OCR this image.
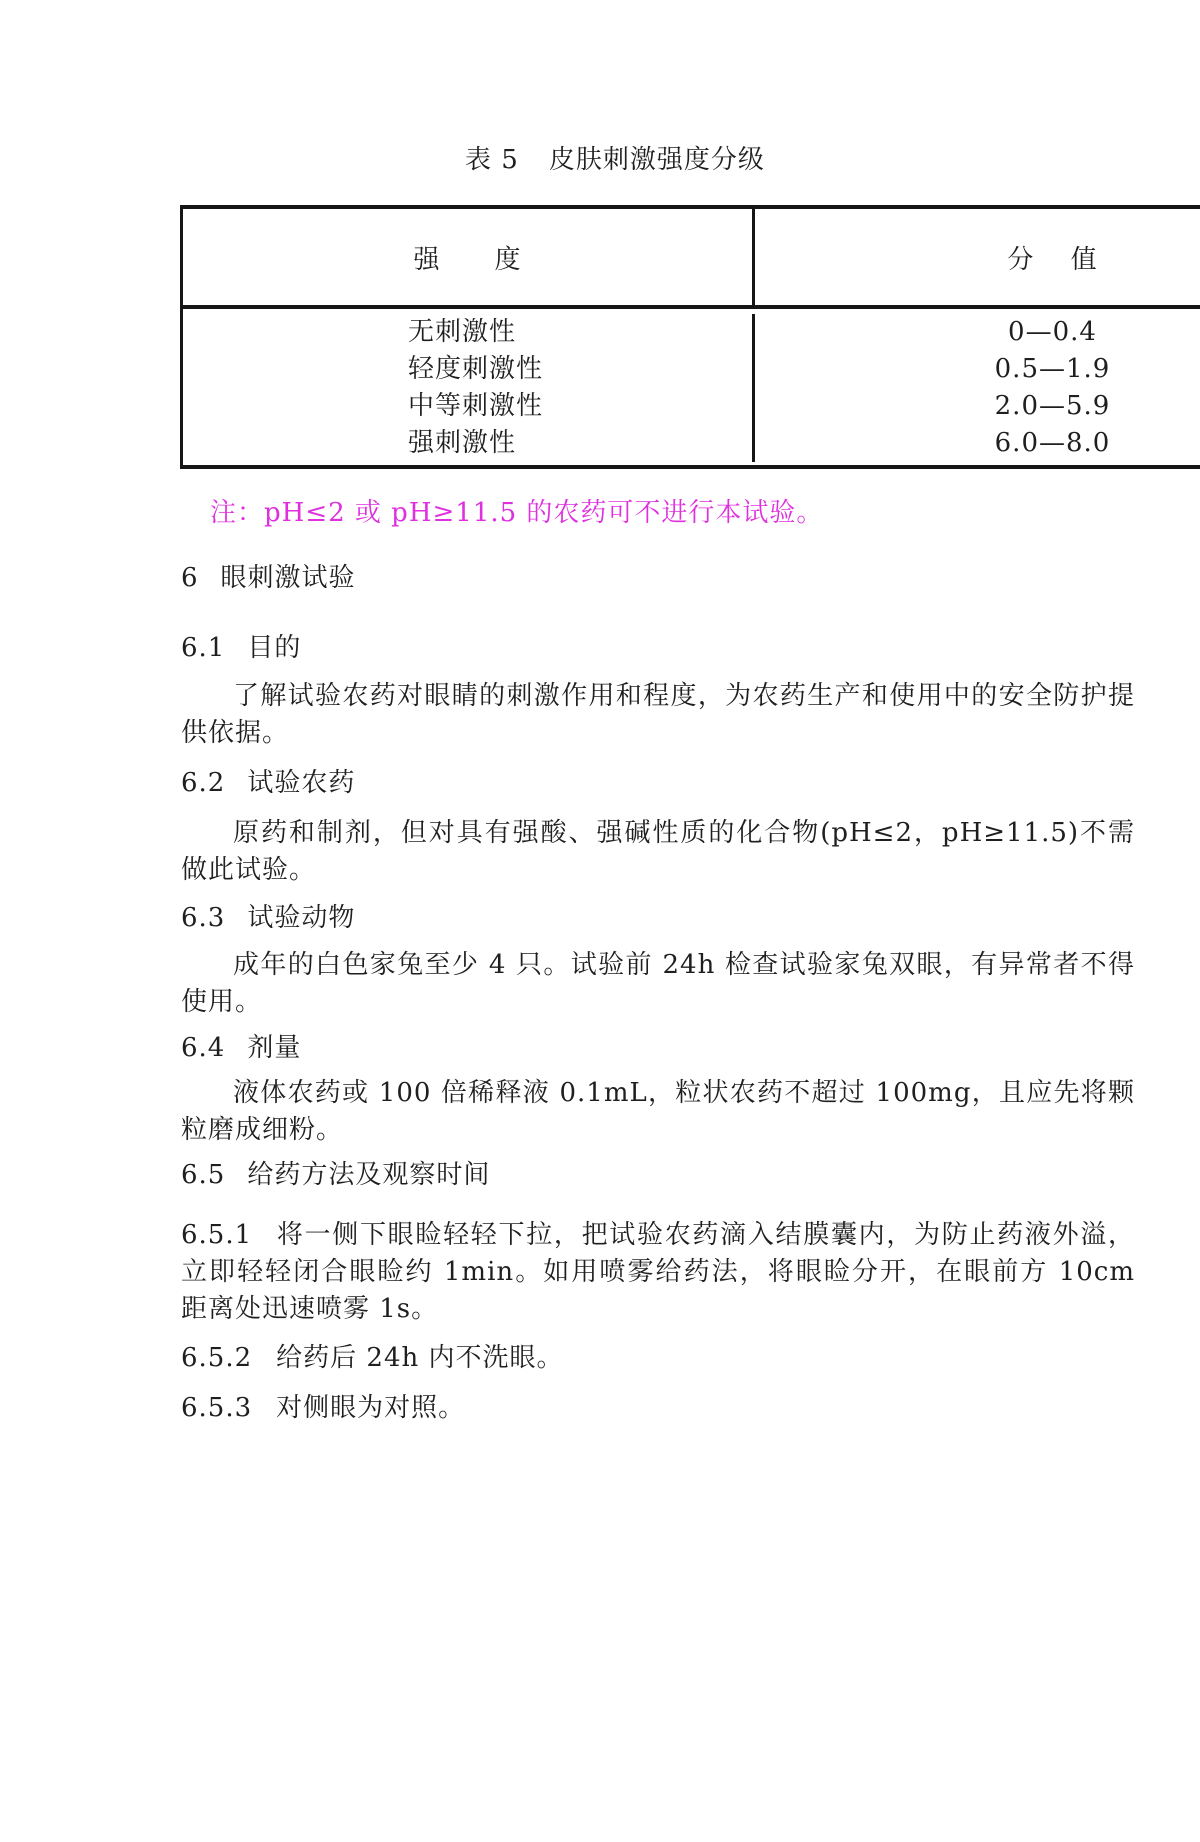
表 5 皮肤刺激强度分级
强　　度	分　 值
无刺激性
轻度刺激性
中等刺激性
强刺激性
0—0.4
0.5—1.9
2.0—5.9
6.0—8.0
注：pH≤2 或 pH≥11.5 的农药可不进行本试验。
6 眼刺激试验
6.1 目的

了解试验农药对眼睛的刺激作用和程度，为农药生产和使用中的安全防护提供依据。

6.2 试验农药

原药和制剂，但对具有强酸、强碱性质的化合物(pH≤2，pH≥11.5)不需做此试验。

6.3 试验动物

成年的白色家兔至少 4 只。试验前 24h 检查试验家兔双眼，有异常者不得使用。

6.4 剂量

液体农药或 100 倍稀释液 0.1mL，粒状农药不超过 100mg，且应先将颗粒磨成细粉。

6.5 给药方法及观察时间

6.5.1 将一侧下眼睑轻轻下拉，把试验农药滴入结膜囊内，为防止药液外溢，立即轻轻闭合眼睑约 1min。如用喷雾给药法，将眼睑分开，在眼前方 10cm 距离处迅速喷雾 1s。

6.5.2 给药后 24h 内不洗眼。

6.5.3 对侧眼为对照。
